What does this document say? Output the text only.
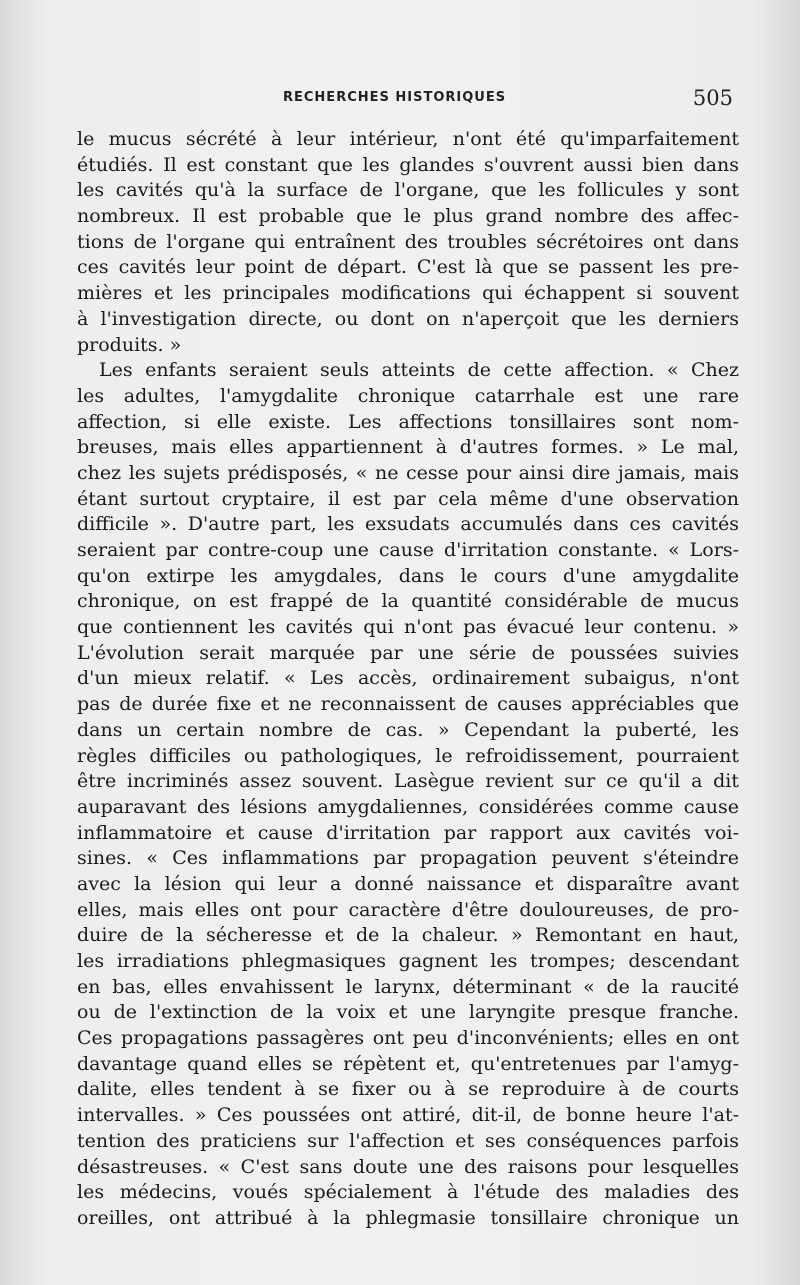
RECHERCHES HISTORIQUES	505
le mucus sécrété à leur intérieur, n'ont été qu'imparfaitement
étudiés. Il est constant que les glandes s'ouvrent aussi bien dans
les cavités qu'à la surface de l'organe, que les follicules y sont
nombreux. Il est probable que le plus grand nombre des affec-
tions de l'organe qui entraînent des troubles sécrétoires ont dans
ces cavités leur point de départ. C'est là que se passent les pre-
mières et les principales modifications qui échappent si souvent
à l'investigation directe, ou dont on n'aperçoit que les derniers
produits. »
Les enfants seraient seuls atteints de cette affection. « Chez
les adultes, l'amygdalite chronique catarrhale est une rare
affection, si elle existe. Les affections tonsillaires sont nom-
breuses, mais elles appartiennent à d'autres formes. » Le mal,
chez les sujets prédisposés, « ne cesse pour ainsi dire jamais, mais
étant surtout cryptaire, il est par cela même d'une observation
difficile ». D'autre part, les exsudats accumulés dans ces cavités
seraient par contre-coup une cause d'irritation constante. « Lors-
qu'on extirpe les amygdales, dans le cours d'une amygdalite
chronique, on est frappé de la quantité considérable de mucus
que contiennent les cavités qui n'ont pas évacué leur contenu. »
L'évolution serait marquée par une série de poussées suivies
d'un mieux relatif. « Les accès, ordinairement subaigus, n'ont
pas de durée fixe et ne reconnaissent de causes appréciables que
dans un certain nombre de cas. » Cependant la puberté, les
règles difficiles ou pathologiques, le refroidissement, pourraient
être incriminés assez souvent. Lasègue revient sur ce qu'il a dit
auparavant des lésions amygdaliennes, considérées comme cause
inflammatoire et cause d'irritation par rapport aux cavités voi-
sines. « Ces inflammations par propagation peuvent s'éteindre
avec la lésion qui leur a donné naissance et disparaître avant
elles, mais elles ont pour caractère d'être douloureuses, de pro-
duire de la sécheresse et de la chaleur. » Remontant en haut,
les irradiations phlegmasiques gagnent les trompes; descendant
en bas, elles envahissent le larynx, déterminant « de la raucité
ou de l'extinction de la voix et une laryngite presque franche.
Ces propagations passagères ont peu d'inconvénients; elles en ont
davantage quand elles se répètent et, qu'entretenues par l'amyg-
dalite, elles tendent à se fixer ou à se reproduire à de courts
intervalles. » Ces poussées ont attiré, dit-il, de bonne heure l'at-
tention des praticiens sur l'affection et ses conséquences parfois
désastreuses. « C'est sans doute une des raisons pour lesquelles
les médecins, voués spécialement à l'étude des maladies des
oreilles, ont attribué à la phlegmasie tonsillaire chronique un
